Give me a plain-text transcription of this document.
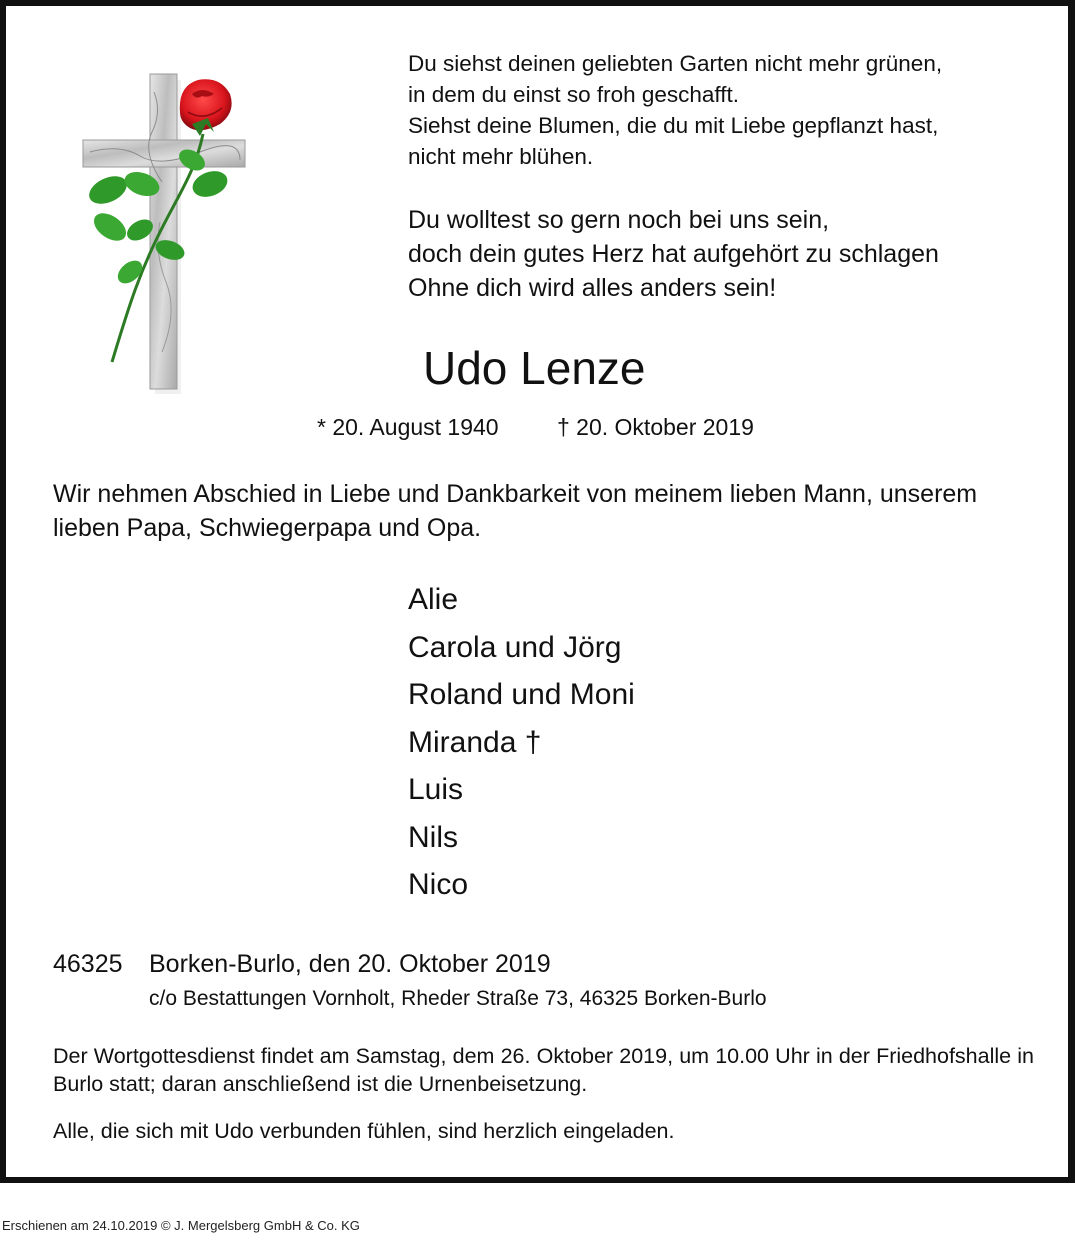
Du siehst deinen geliebten Garten nicht mehr grünen,
in dem du einst so froh geschafft.
Siehst deine Blumen, die du mit Liebe gepflanzt hast,
nicht mehr blühen.
Du wolltest so gern noch bei uns sein,
doch dein gutes Herz hat aufgehört zu schlagen
Ohne dich wird alles anders sein!
Udo Lenze
* 20. August 1940	† 20. Oktober 2019
Wir nehmen Abschied in Liebe und Dankbarkeit von meinem lieben Mann, unserem lieben Papa, Schwiegerpapa und Opa.
Alie
Carola und Jörg
Roland und Moni
Miranda †
Luis
Nils
Nico
46325 Borken-Burlo, den 20. Oktober 2019
c/o Bestattungen Vornholt, Rheder Straße 73, 46325 Borken-Burlo
Der Wortgottesdienst findet am Samstag, dem 26. Oktober 2019, um 10.00 Uhr in der Friedhofshalle in Burlo statt; daran anschließend ist die Urnenbeisetzung.
Alle, die sich mit Udo verbunden fühlen, sind herzlich eingeladen.
Erschienen am 24.10.2019 © J. Mergelsberg GmbH & Co. KG
